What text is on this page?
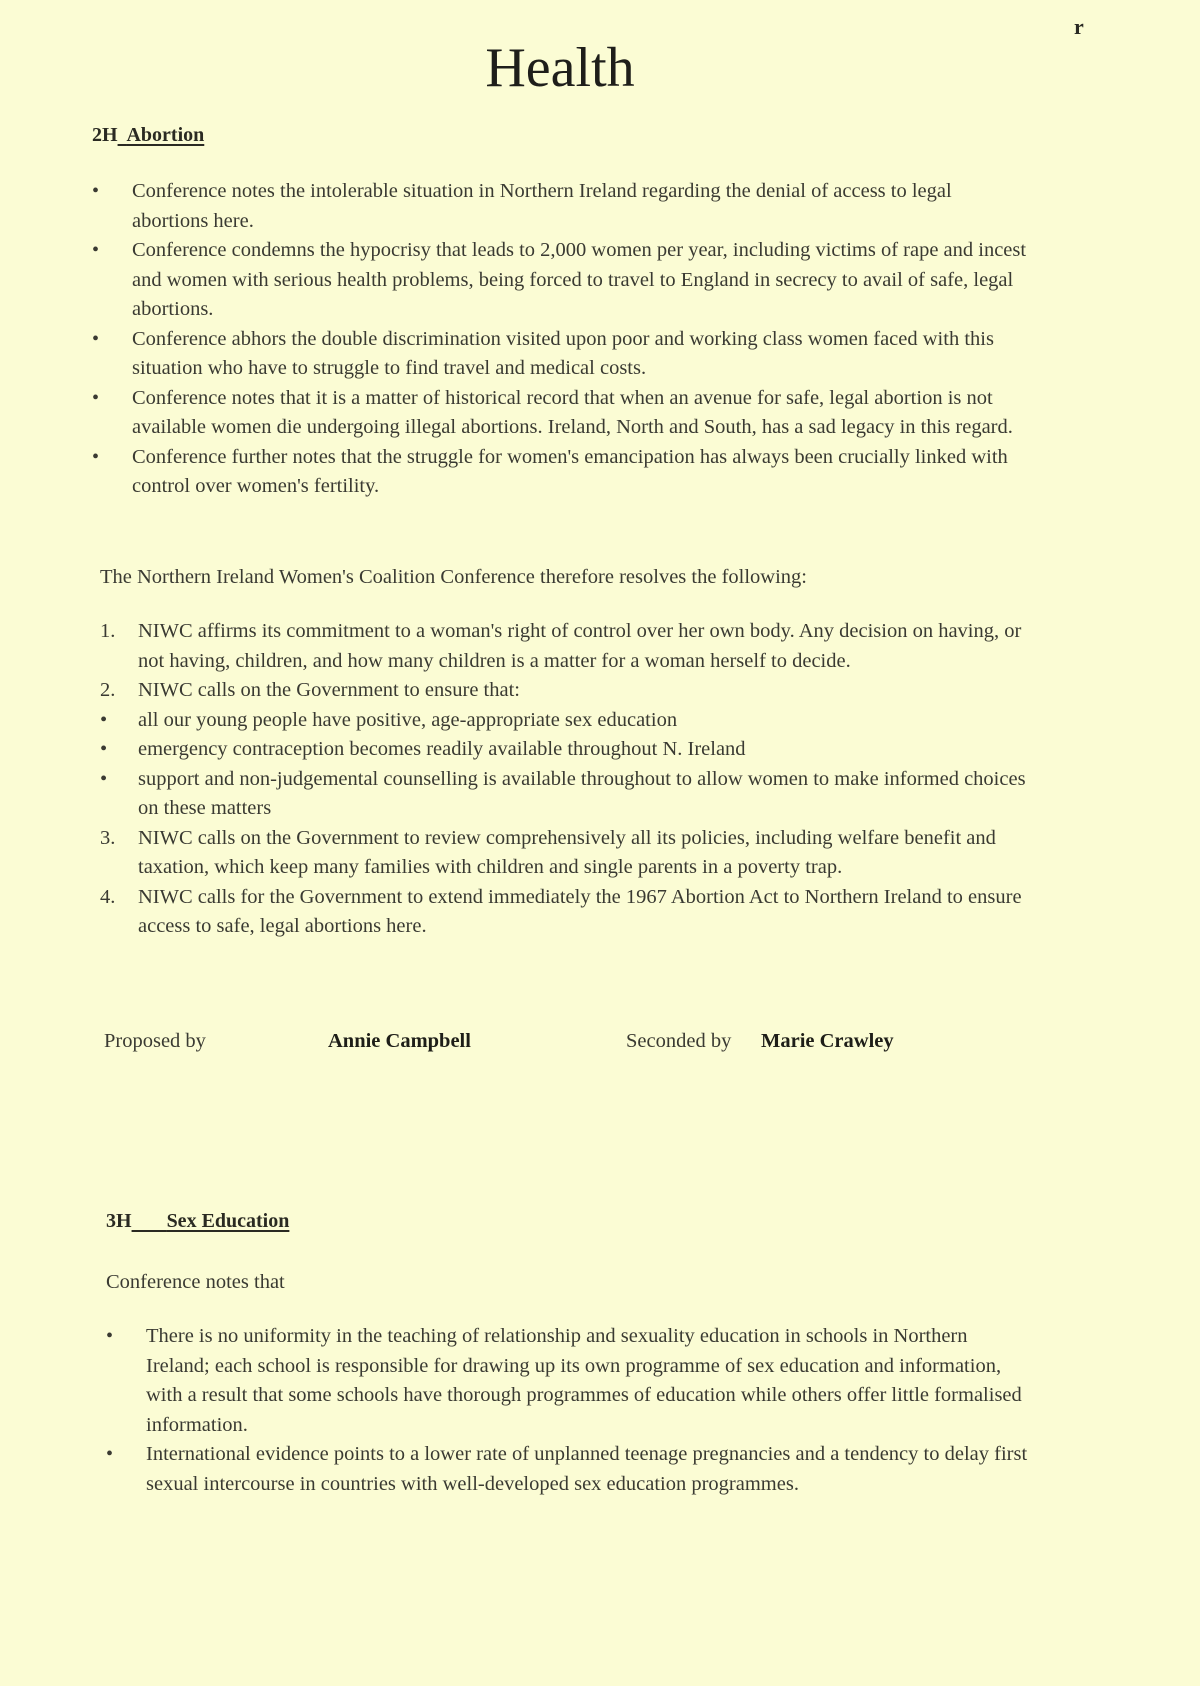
r
Health
2H Abortion
• Conference notes the intolerable situation in Northern Ireland regarding the denial of access to legal abortions here.
• Conference condemns the hypocrisy that leads to 2,000 women per year, including victims of rape and incest and women with serious health problems, being forced to travel to England in secrecy to avail of safe, legal abortions.
• Conference abhors the double discrimination visited upon poor and working class women faced with this situation who have to struggle to find travel and medical costs.
• Conference notes that it is a matter of historical record that when an avenue for safe, legal abortion is not available women die undergoing illegal abortions. Ireland, North and South, has a sad legacy in this regard.
• Conference further notes that the struggle for women's emancipation has always been crucially linked with control over women's fertility.
The Northern Ireland Women's Coalition Conference therefore resolves the following:
1. NIWC affirms its commitment to a woman's right of control over her own body. Any decision on having, or not having, children, and how many children is a matter for a woman herself to decide.
2. NIWC calls on the Government to ensure that:
• all our young people have positive, age-appropriate sex education
• emergency contraception becomes readily available throughout N. Ireland
• support and non-judgemental counselling is available throughout to allow women to make informed choices on these matters
3. NIWC calls on the Government to review comprehensively all its policies, including welfare benefit and taxation, which keep many families with children and single parents in a poverty trap.
4. NIWC calls for the Government to extend immediately the 1967 Abortion Act to Northern Ireland to ensure access to safe, legal abortions here.
Proposed by	Annie Campbell	Seconded by Marie Crawley
3H Sex Education
Conference notes that
• There is no uniformity in the teaching of relationship and sexuality education in schools in Northern Ireland; each school is responsible for drawing up its own programme of sex education and information, with a result that some schools have thorough programmes of education while others offer little formalised information.
• International evidence points to a lower rate of unplanned teenage pregnancies and a tendency to delay first sexual intercourse in countries with well-developed sex education programmes.
